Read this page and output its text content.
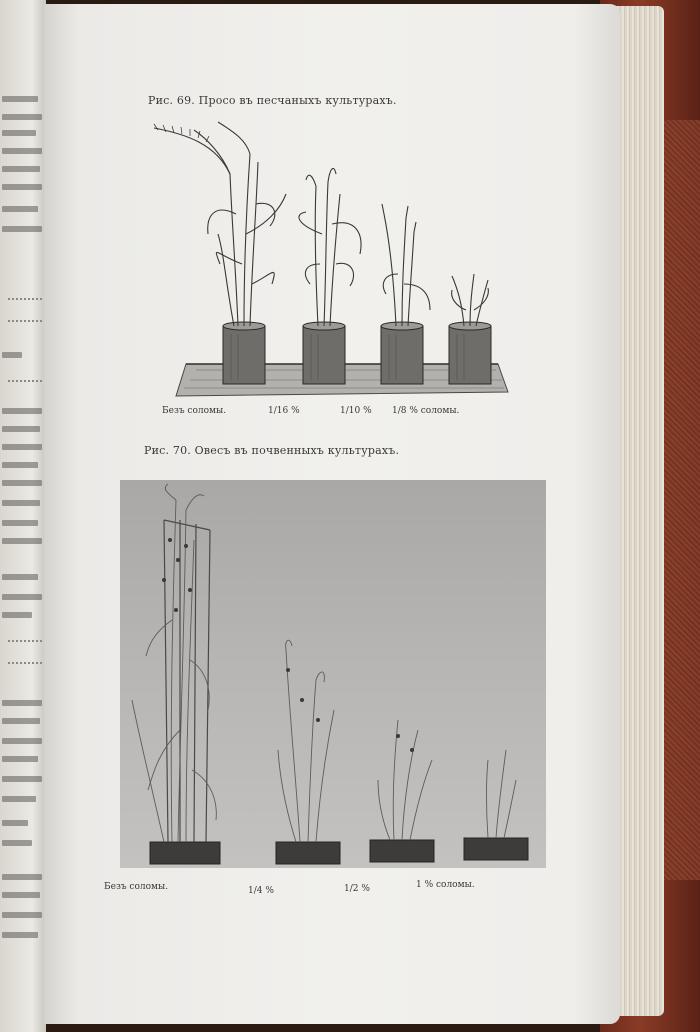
Рис. 69. Просо въ песчаныхъ культурахъ.
Безъ соломы.	1/16 %	1/10 % 1/8 % соломы.
Рис. 70. Овесъ въ почвенныхъ культурахъ.
Безъ соломы.	1/4 %	1/2 %	1 % соломы.
